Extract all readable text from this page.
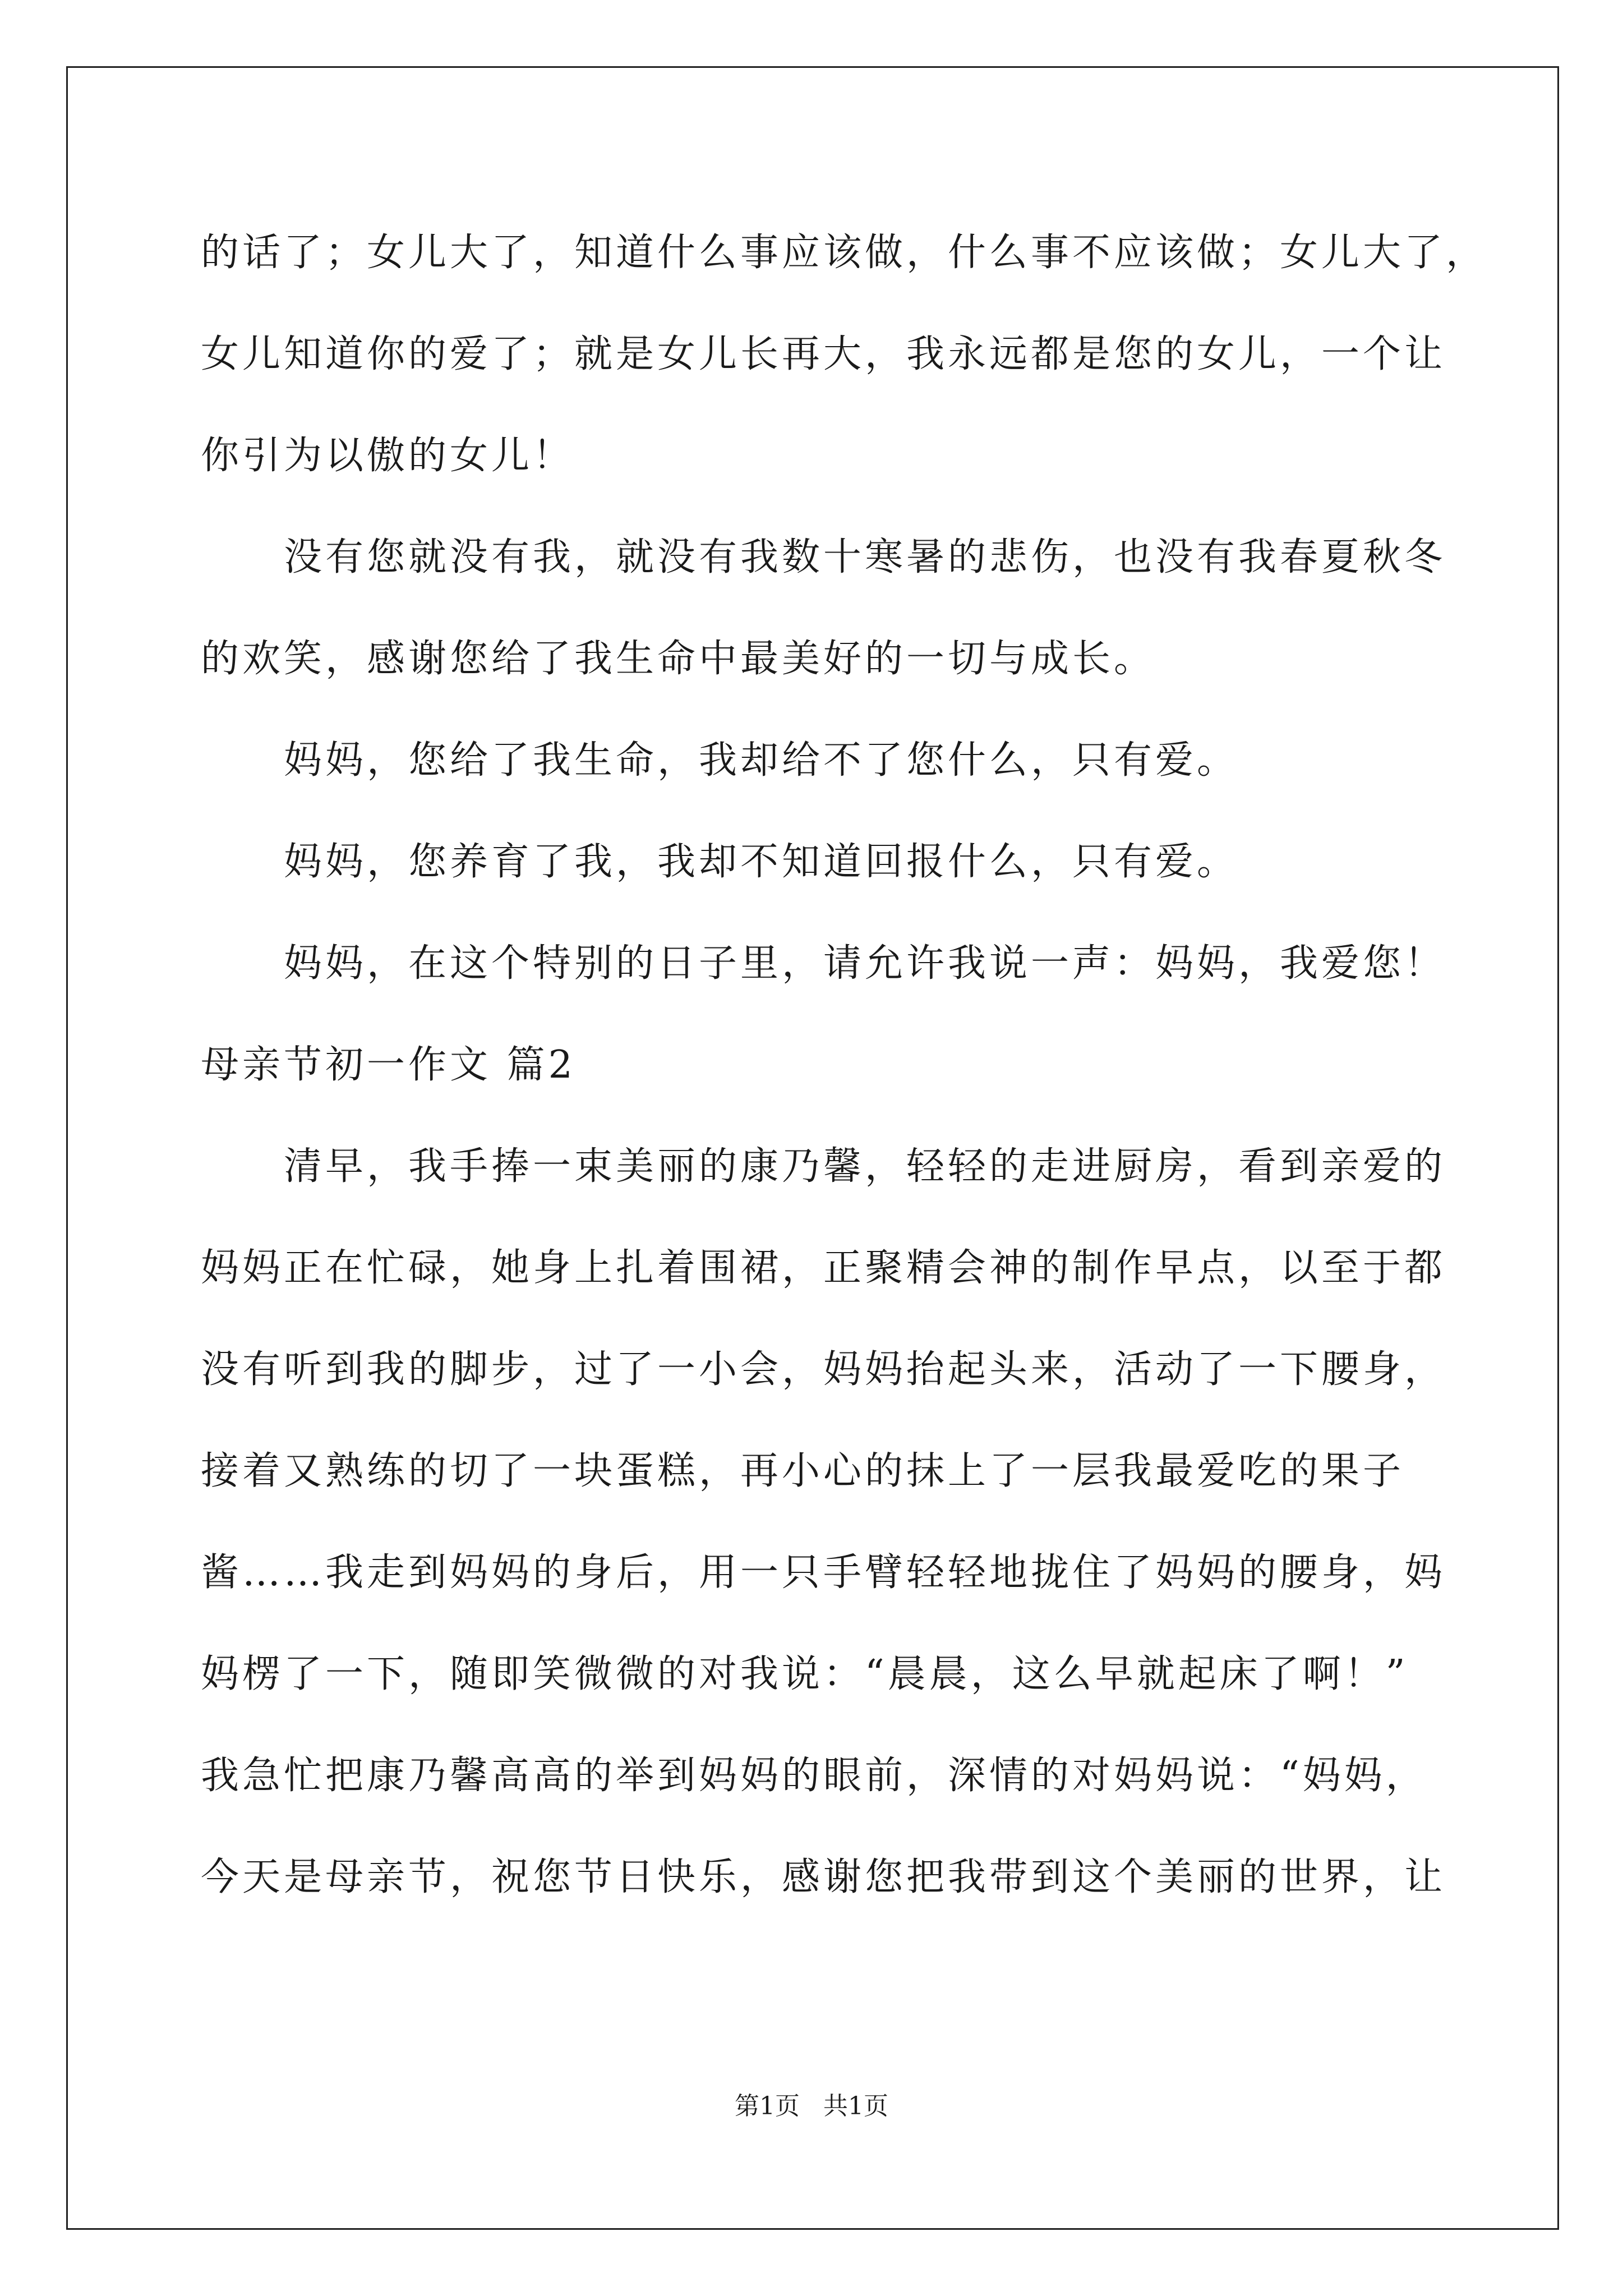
的话了；女儿大了，知道什么事应该做，什么事不应该做；女儿大了，
女儿知道你的爱了；就是女儿长再大，我永远都是您的女儿，一个让
你引为以傲的女儿！
没有您就没有我，就没有我数十寒暑的悲伤，也没有我春夏秋冬
的欢笑，感谢您给了我生命中最美好的一切与成长。
妈妈，您给了我生命，我却给不了您什么，只有爱。
妈妈，您养育了我，我却不知道回报什么，只有爱。
妈妈，在这个特别的日子里，请允许我说一声：妈妈，我爱您！
母亲节初一作文 篇2
清早，我手捧一束美丽的康乃馨，轻轻的走进厨房，看到亲爱的
妈妈正在忙碌，她身上扎着围裙，正聚精会神的制作早点，以至于都
没有听到我的脚步，过了一小会，妈妈抬起头来，活动了一下腰身，
接着又熟练的切了一块蛋糕，再小心的抹上了一层我最爱吃的果子
酱……我走到妈妈的身后，用一只手臂轻轻地拢住了妈妈的腰身，妈
妈楞了一下，随即笑微微的对我说：“晨晨，这么早就起床了啊！”
我急忙把康乃馨高高的举到妈妈的眼前，深情的对妈妈说：“妈妈，
今天是母亲节，祝您节日快乐，感谢您把我带到这个美丽的世界，让
第1页   共1页
